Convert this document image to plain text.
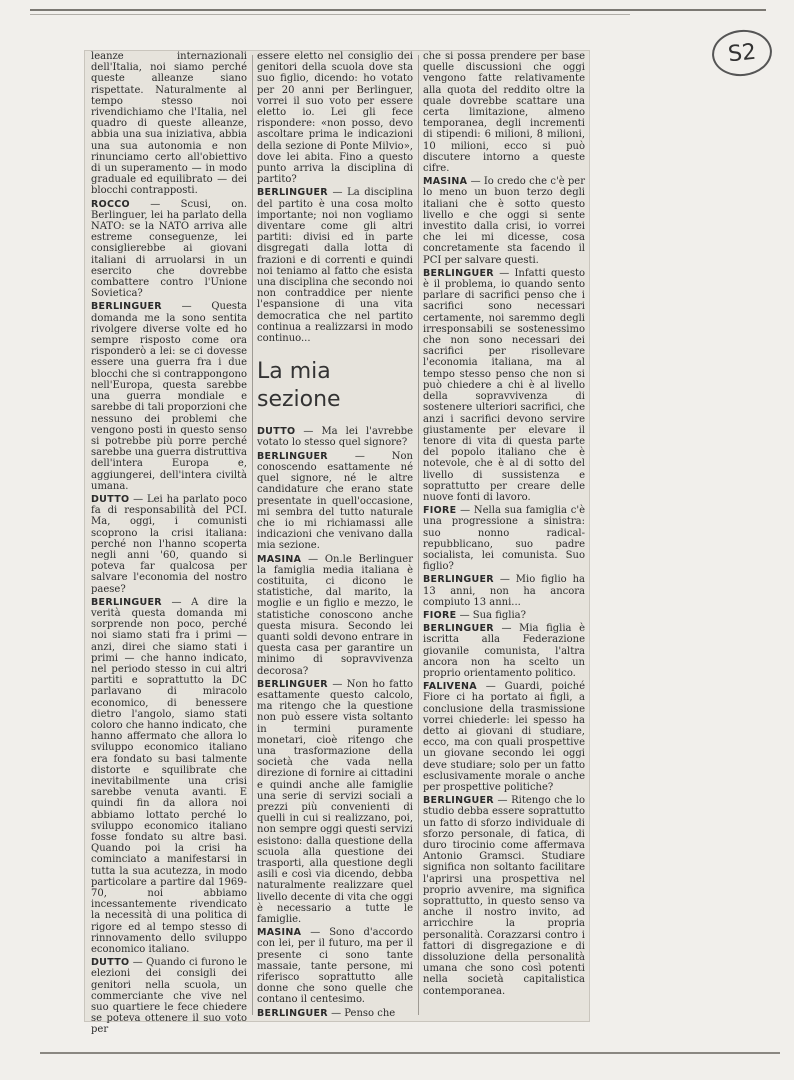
S2

leanze internazionali dell'Italia, noi siamo perché queste alleanze siano rispettate. Naturalmente al tempo stesso noi rivendichiamo che l'Italia, nel quadro di queste alleanze, abbia una sua iniziativa, abbia una sua autonomia e non rinunciamo certo all'obiettivo di un superamento — in modo graduale ed equilibrato — dei blocchi contrapposti.

ROCCO — Scusi, on. Berlinguer, lei ha parlato della NATO: se la NATO arriva alle estreme conseguenze, lei consiglierebbe ai giovani italiani di arruolarsi in un esercito che dovrebbe combattere contro l'Unione Sovietica?

BERLINGUER — Questa domanda me la sono sentita rivolgere diverse volte ed ho sempre risposto come ora risponderò a lei: se ci dovesse essere una guerra fra i due blocchi che si contrappongono nell'Europa, questa sarebbe una guerra mondiale e sarebbe di tali proporzioni che nessuno dei problemi che vengono posti in questo senso si potrebbe più porre perché sarebbe una guerra distruttiva dell'intera Europa e, aggiungerei, dell'intera civiltà umana.

DUTTO — Lei ha parlato poco fa di responsabilità del PCI. Ma, oggi, i comunisti scoprono la crisi italiana: perché non l'hanno scoperta negli anni '60, quando si poteva far qualcosa per salvare l'economia del nostro paese?

BERLINGUER — A dire la verità questa domanda mi sorprende non poco, perché noi siamo stati fra i primi — anzi, direi che siamo stati i primi — che hanno indicato, nel periodo stesso in cui altri partiti e soprattutto la DC parlavano di miracolo economico, di benessere dietro l'angolo, siamo stati coloro che hanno indicato, che hanno affermato che allora lo sviluppo economico italiano era fondato su basi talmente distorte e squilibrate che inevitabilmente una crisi sarebbe venuta avanti. E quindi fin da allora noi abbiamo lottato perché lo sviluppo economico italiano fosse fondato su altre basi. Quando poi la crisi ha cominciato a manifestarsi in tutta la sua acutezza, in modo particolare a partire dal 1969-70, noi abbiamo incessantemente rivendicato la necessità di una politica di rigore ed al tempo stesso di rinnovamento dello sviluppo economico italiano.

DUTTO — Quando ci furono le elezioni dei consigli dei genitori nella scuola, un commerciante che vive nel suo quartiere le fece chiedere se poteva ottenere il suo voto per

essere eletto nel consiglio dei genitori della scuola dove sta suo figlio, dicendo: ho votato per 20 anni per Berlinguer, vorrei il suo voto per essere eletto io. Lei gli fece rispondere: «non posso, devo ascoltare prima le indicazioni della sezione di Ponte Milvio», dove lei abita. Fino a questo punto arriva la disciplina di partito?

BERLINGUER — La disciplina del partito è una cosa molto importante; noi non vogliamo diventare come gli altri partiti: divisi ed in parte disgregati dalla lotta di frazioni e di correnti e quindi noi teniamo al fatto che esista una disciplina che secondo noi non contraddice per niente l'espansione di una vita democratica che nel partito continua a realizzarsi in modo continuo...

La mia
sezione

DUTTO — Ma lei l'avrebbe votato lo stesso quel signore?

BERLINGUER — Non conoscendo esattamente né quel signore, né le altre candidature che erano state presentate in quell'occasione, mi sembra del tutto naturale che io mi richiamassi alle indicazioni che venivano dalla mia sezione.

MASINA — On.le Berlinguer la famiglia media italiana è costituita, ci dicono le statistiche, dal marito, la moglie e un figlio e mezzo, le statistiche conoscono anche questa misura. Secondo lei quanti soldi devono entrare in questa casa per garantire un minimo di sopravvivenza decorosa?

BERLINGUER — Non ho fatto esattamente questo calcolo, ma ritengo che la questione non può essere vista soltanto in termini puramente monetari, cioè ritengo che una trasformazione della società che vada nella direzione di fornire ai cittadini e quindi anche alle famiglie una serie di servizi sociali a prezzi più convenienti di quelli in cui si realizzano, poi, non sempre oggi questi servizi esistono: dalla questione della scuola alla questione dei trasporti, alla questione degli asili e così via dicendo, debba naturalmente realizzare quel livello decente di vita che oggi è necessario a tutte le famiglie.

MASINA — Sono d'accordo con lei, per il futuro, ma per il presente ci sono tante massaie, tante persone, mi riferisco soprattutto alle donne che sono quelle che contano il centesimo.

BERLINGUER — Penso che

che si possa prendere per base quelle discussioni che oggi vengono fatte relativamente alla quota del reddito oltre la quale dovrebbe scattare una certa limitazione, almeno temporanea, degli incrementi di stipendi: 6 milioni, 8 milioni, 10 milioni, ecco si può discutere intorno a queste cifre.

MASINA — Io credo che c'è per lo meno un buon terzo degli italiani che è sotto questo livello e che oggi si sente investito dalla crisi, io vorrei che lei mi dicesse, cosa concretamente sta facendo il PCI per salvare questi.

BERLINGUER — Infatti questo è il problema, io quando sento parlare di sacrifici penso che i sacrifici sono necessari certamente, noi saremmo degli irresponsabili se sostenessimo che non sono necessari dei sacrifici per risollevare l'economia italiana, ma al tempo stesso penso che non si può chiedere a chi è al livello della sopravvivenza di sostenere ulteriori sacrifici, che anzi i sacrifici devono servire giustamente per elevare il tenore di vita di questa parte del popolo italiano che è notevole, che è al di sotto del livello di sussistenza e soprattutto per creare delle nuove fonti di lavoro.

FIORE — Nella sua famiglia c'è una progressione a sinistra: suo nonno radical-repubblicano, suo padre socialista, lei comunista. Suo figlio?

BERLINGUER — Mio figlio ha 13 anni, non ha ancora compiuto 13 anni...

FIORE — Sua figlia?

BERLINGUER — Mia figlia è iscritta alla Federazione giovanile comunista, l'altra ancora non ha scelto un proprio orientamento politico.

FALIVENA — Guardi, poiché Fiore ci ha portato ai figli, a conclusione della trasmissione vorrei chiederle: lei spesso ha detto ai giovani di studiare, ecco, ma con quali prospettive un giovane secondo lei oggi deve studiare; solo per un fatto esclusivamente morale o anche per prospettive politiche?

BERLINGUER — Ritengo che lo studio debba essere soprattutto un fatto di sforzo individuale di sforzo personale, di fatica, di duro tirocinio come affermava Antonio Gramsci. Studiare significa non soltanto facilitare l'aprirsi una prospettiva nel proprio avvenire, ma significa soprattutto, in questo senso va anche il nostro invito, ad arricchire la propria personalità. Corazzarsi contro i fattori di disgregazione e di dissoluzione della personalità umana che sono così potenti nella società capitalistica contemporanea.
